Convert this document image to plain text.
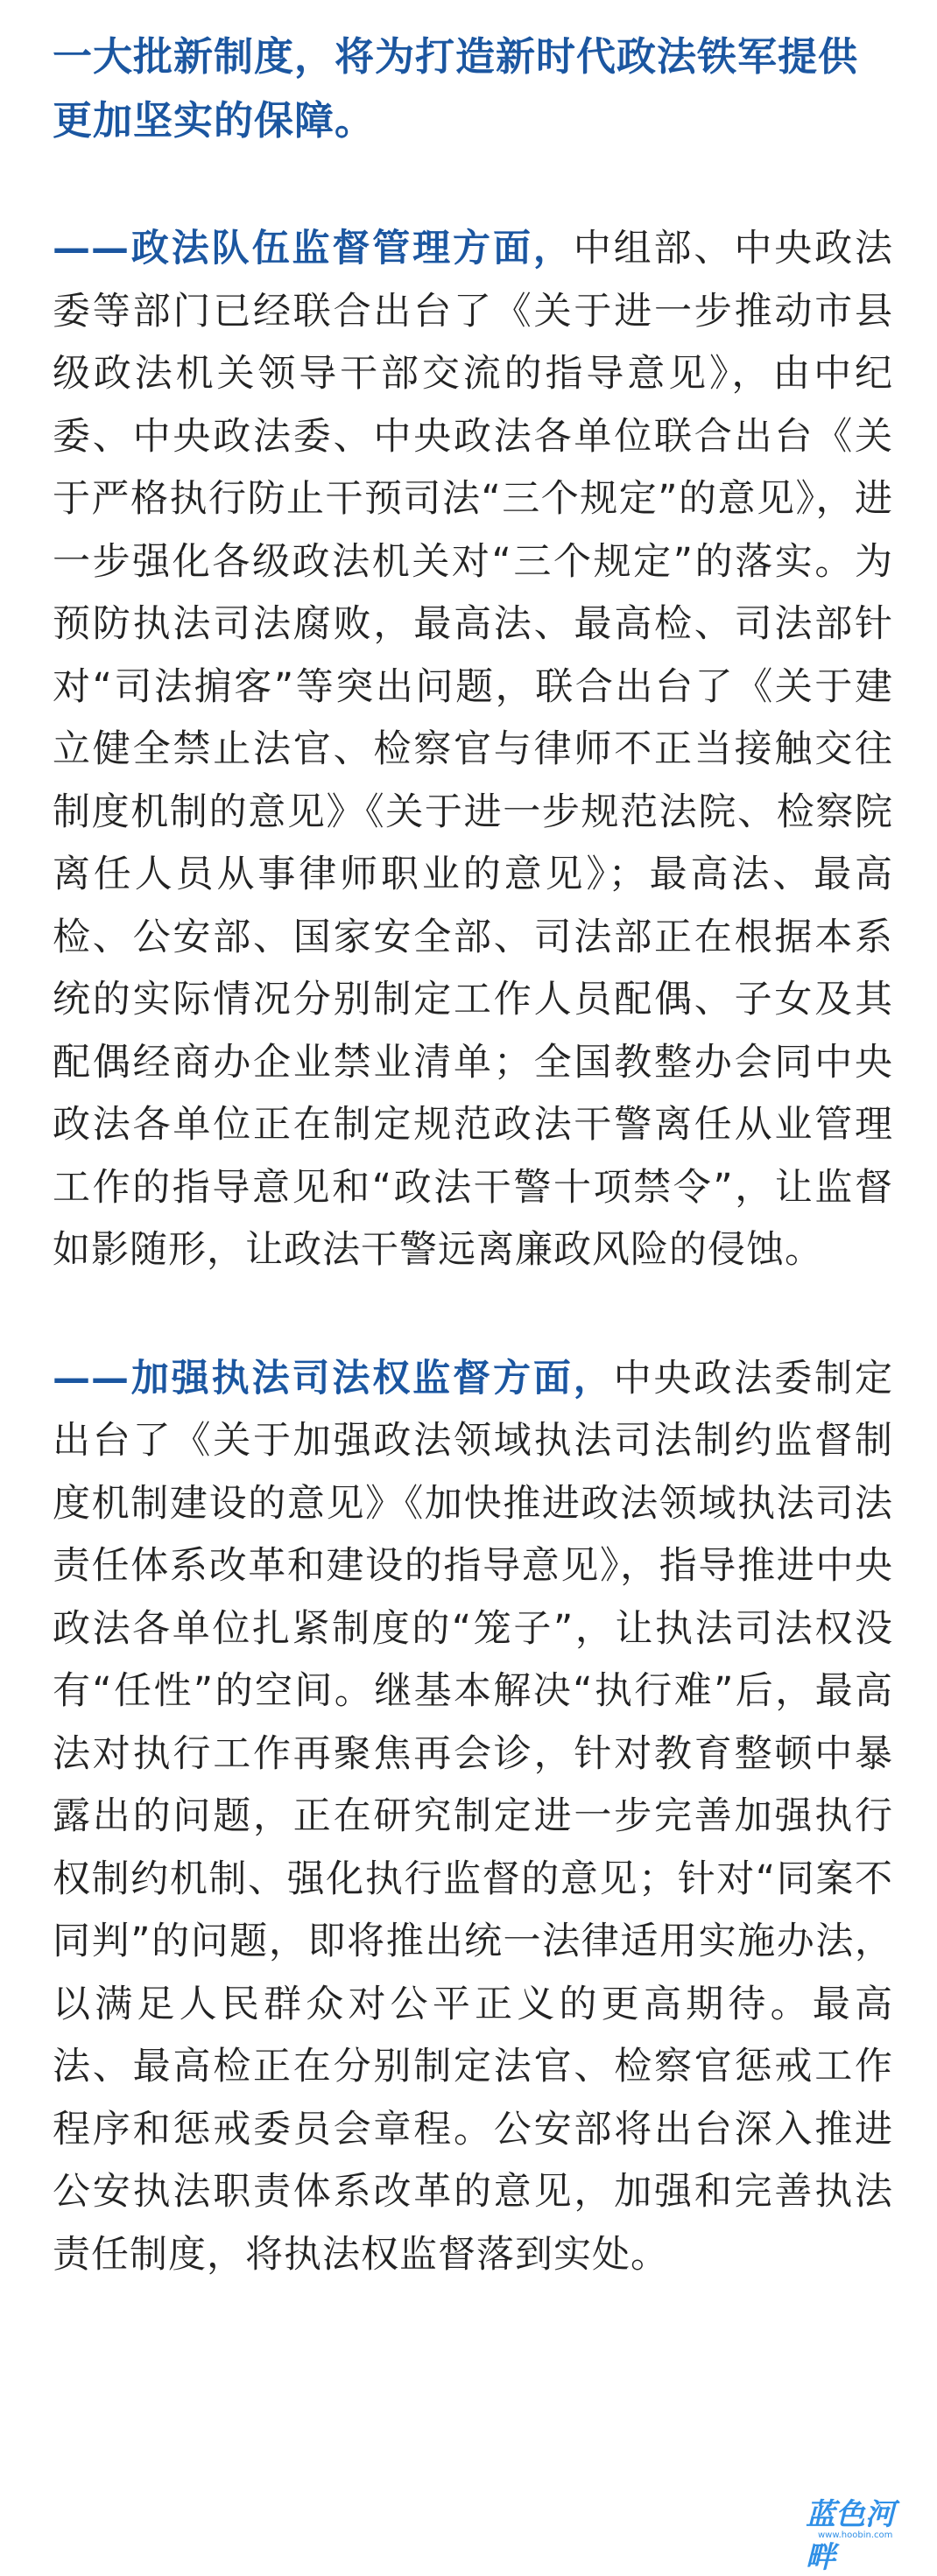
一大批新制度，将为打造新时代政法铁军提供更加坚实的保障。

——政法队伍监督管理方面，中组部、中央政法委等部门已经联合出台了《关于进一步推动市县级政法机关领导干部交流的指导意见》，由中纪委、中央政法委、中央政法各单位联合出台《关于严格执行防止干预司法“三个规定”的意见》，进一步强化各级政法机关对“三个规定”的落实。为预防执法司法腐败，最高法、最高检、司法部针对“司法掮客”等突出问题，联合出台了《关于建立健全禁止法官、检察官与律师不正当接触交往制度机制的意见》《关于进一步规范法院、检察院离任人员从事律师职业的意见》；最高法、最高检、公安部、国家安全部、司法部正在根据本系统的实际情况分别制定工作人员配偶、子女及其配偶经商办企业禁业清单；全国教整办会同中央政法各单位正在制定规范政法干警离任从业管理工作的指导意见和“政法干警十项禁令”，让监督如影随形，让政法干警远离廉政风险的侵蚀。

——加强执法司法权监督方面，中央政法委制定出台了《关于加强政法领域执法司法制约监督制度机制建设的意见》《加快推进政法领域执法司法责任体系改革和建设的指导意见》，指导推进中央政法各单位扎紧制度的“笼子”，让执法司法权没有“任性”的空间。继基本解决“执行难”后，最高法对执行工作再聚焦再会诊，针对教育整顿中暴露出的问题，正在研究制定进一步完善加强执行权制约机制、强化执行监督的意见；针对“同案不同判”的问题，即将推出统一法律适用实施办法，以满足人民群众对公平正义的更高期待。最高法、最高检正在分别制定法官、检察官惩戒工作程序和惩戒委员会章程。公安部将出台深入推进公安执法职责体系改革的意见，加强和完善执法责任制度，将执法权监督落到实处。

蓝色河畔
www.hoobin.com
